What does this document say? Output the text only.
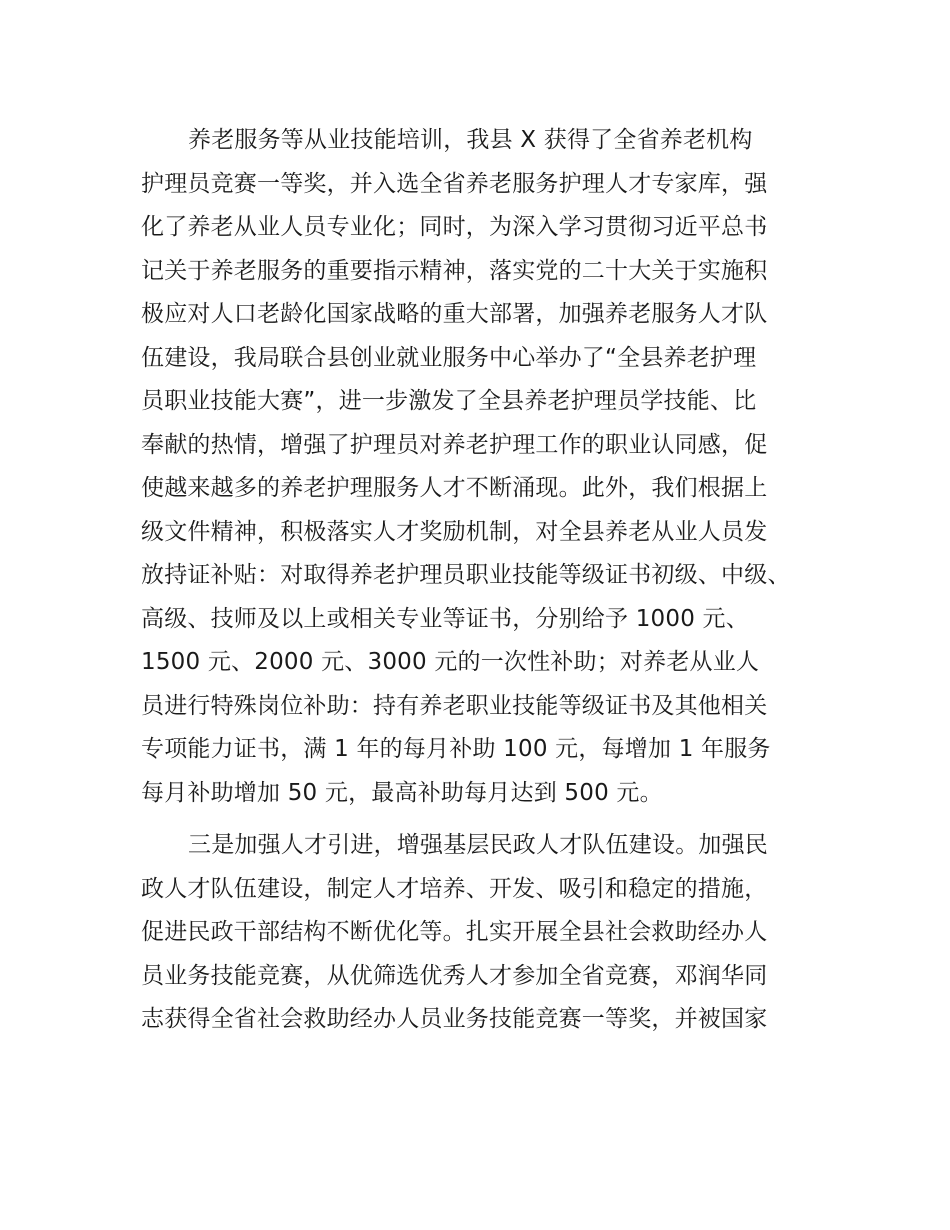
养老服务等从业技能培训，我县 X 获得了全省养老机构
护理员竞赛一等奖，并入选全省养老服务护理人才专家库，强
化了养老从业人员专业化；同时，为深入学习贯彻习近平总书
记关于养老服务的重要指示精神，落实党的二十大关于实施积
极应对人口老龄化国家战略的重大部署，加强养老服务人才队
伍建设，我局联合县创业就业服务中心举办了“全县养老护理
员职业技能大赛”，进一步激发了全县养老护理员学技能、比
奉献的热情，增强了护理员对养老护理工作的职业认同感，促
使越来越多的养老护理服务人才不断涌现。此外，我们根据上
级文件精神，积极落实人才奖励机制，对全县养老从业人员发
放持证补贴：对取得养老护理员职业技能等级证书初级、中级、
高级、技师及以上或相关专业等证书，分别给予 1000 元、
1500 元、2000 元、3000 元的一次性补助；对养老从业人
员进行特殊岗位补助：持有养老职业技能等级证书及其他相关
专项能力证书，满 1 年的每月补助 100 元，每增加 1 年服务
每月补助增加 50 元，最高补助每月达到 500 元。

三是加强人才引进，增强基层民政人才队伍建设。加强民
政人才队伍建设，制定人才培养、开发、吸引和稳定的措施，
促进民政干部结构不断优化等。扎实开展全县社会救助经办人
员业务技能竞赛，从优筛选优秀人才参加全省竞赛，邓润华同
志获得全省社会救助经办人员业务技能竞赛一等奖，并被国家
